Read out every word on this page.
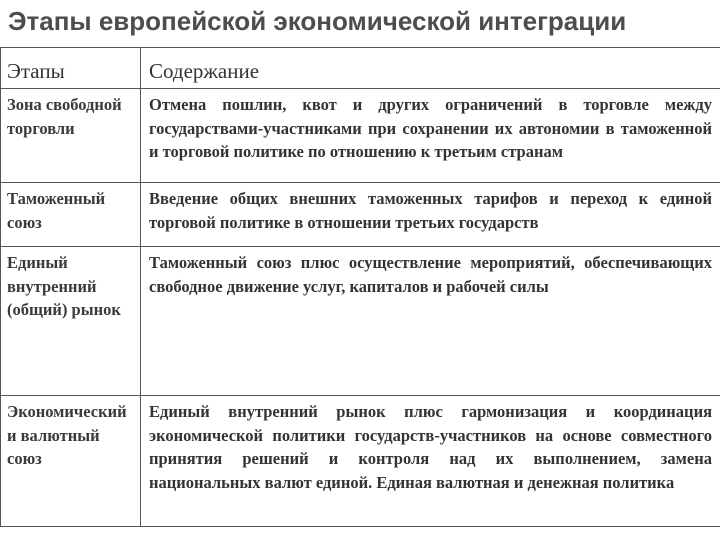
Этапы европейской экономической интеграции
Этапы	Содержание

Зона свободной торговли	Отмена пошлин, квот и других ограничений в торговле между государствами-участниками при сохранении их автономии в таможенной и торговой политике по отношению к третьим странам

Таможенный союз	Введение общих внешних таможенных тарифов и переход к единой торговой политике в отношении третьих государств

Единый внутренний (общий) рынок	Таможенный союз плюс осуществление мероприятий, обеспечивающих свободное движение услуг, капиталов и рабочей силы

Экономический и валютный союз	Единый внутренний рынок плюс гармонизация и координация экономической политики государств-участников на основе совместного принятия решений и контроля над их выполнением, замена национальных валют единой. Единая валютная и денежная политика
